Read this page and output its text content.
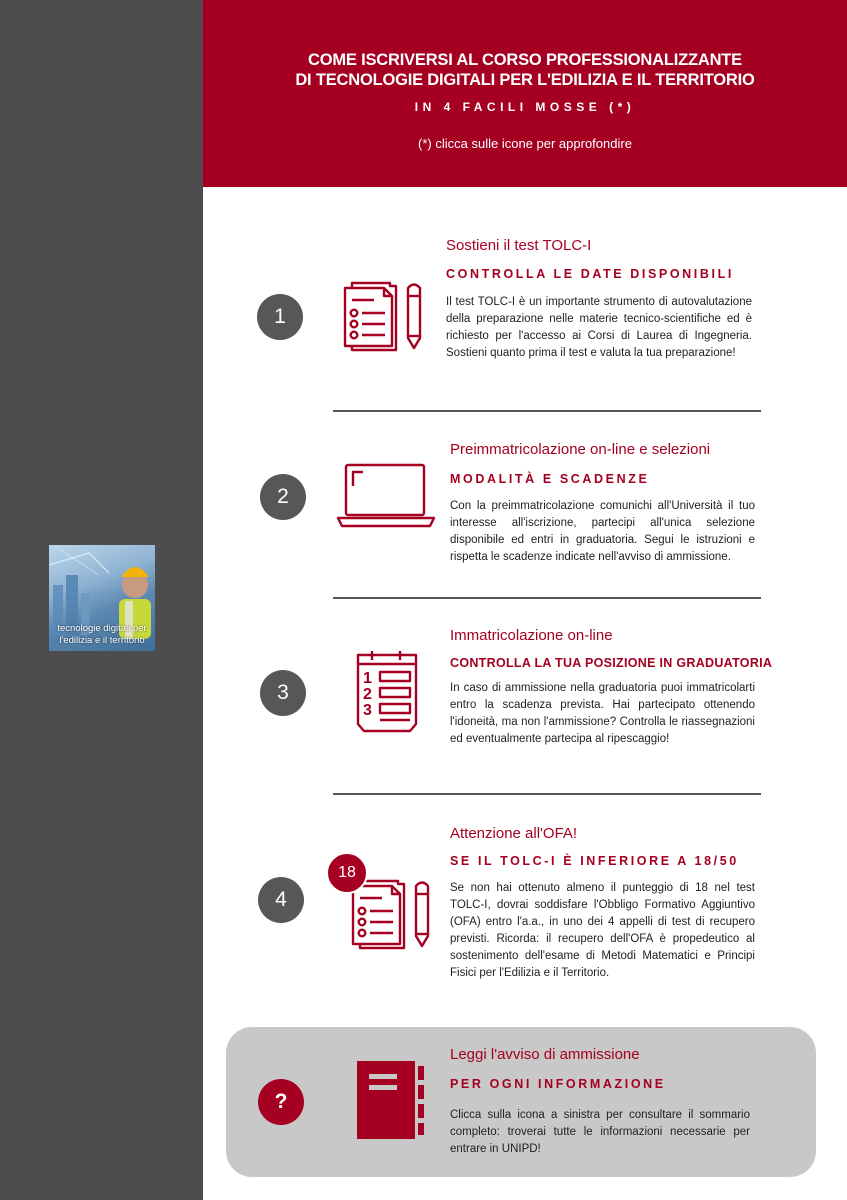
tecnologie digitali per l'edilizia e il territorio
COME ISCRIVERSI AL CORSO PROFESSIONALIZZANTE
DI TECNOLOGIE DIGITALI PER L'EDILIZIA E IL TERRITORIO
IN 4 FACILI MOSSE (*)
(*) clicca sulle icone per approfondire
1
Sostieni il test TOLC-I
CONTROLLA LE DATE DISPONIBILI
Il test TOLC-I è un importante strumento di autovalutazione della preparazione nelle materie tecnico-scientifiche ed è richiesto per l'accesso ai Corsi di Laurea di Ingegneria. Sostieni quanto prima il test e valuta la tua preparazione!
2
Preimmatricolazione on-line e selezioni
MODALITÀ E SCADENZE
Con la preimmatricolazione comunichi all'Università il tuo interesse all'iscrizione, partecipi all'unica selezione disponibile ed entri in graduatoria. Segui le istruzioni e rispetta le scadenze indicate nell'avviso di ammissione.
3
1
2
3
Immatricolazione on-line
CONTROLLA LA TUA POSIZIONE IN GRADUATORIA
In caso di ammissione nella graduatoria puoi immatricolarti entro la scadenza prevista. Hai partecipato ottenendo l'idoneità, ma non l'ammissione? Controlla le riassegnazioni ed eventualmente partecipa al ripescaggio!
4
18
Attenzione all'OFA!
SE IL TOLC-I È INFERIORE A 18/50
Se non hai ottenuto almeno il punteggio di 18 nel test TOLC-I, dovrai soddisfare l'Obbligo Formativo Aggiuntivo (OFA) entro l'a.a., in uno dei 4 appelli di test di recupero previsti. Ricorda: il recupero dell'OFA è propedeutico al sostenimento dell'esame di Metodi Matematici e Principi Fisici per l'Edilizia e il Territorio.
?
Leggi l'avviso di ammissione
PER OGNI INFORMAZIONE
Clicca sulla icona a sinistra per consultare il sommario completo: troverai tutte le informazioni necessarie per entrare in UNIPD!
